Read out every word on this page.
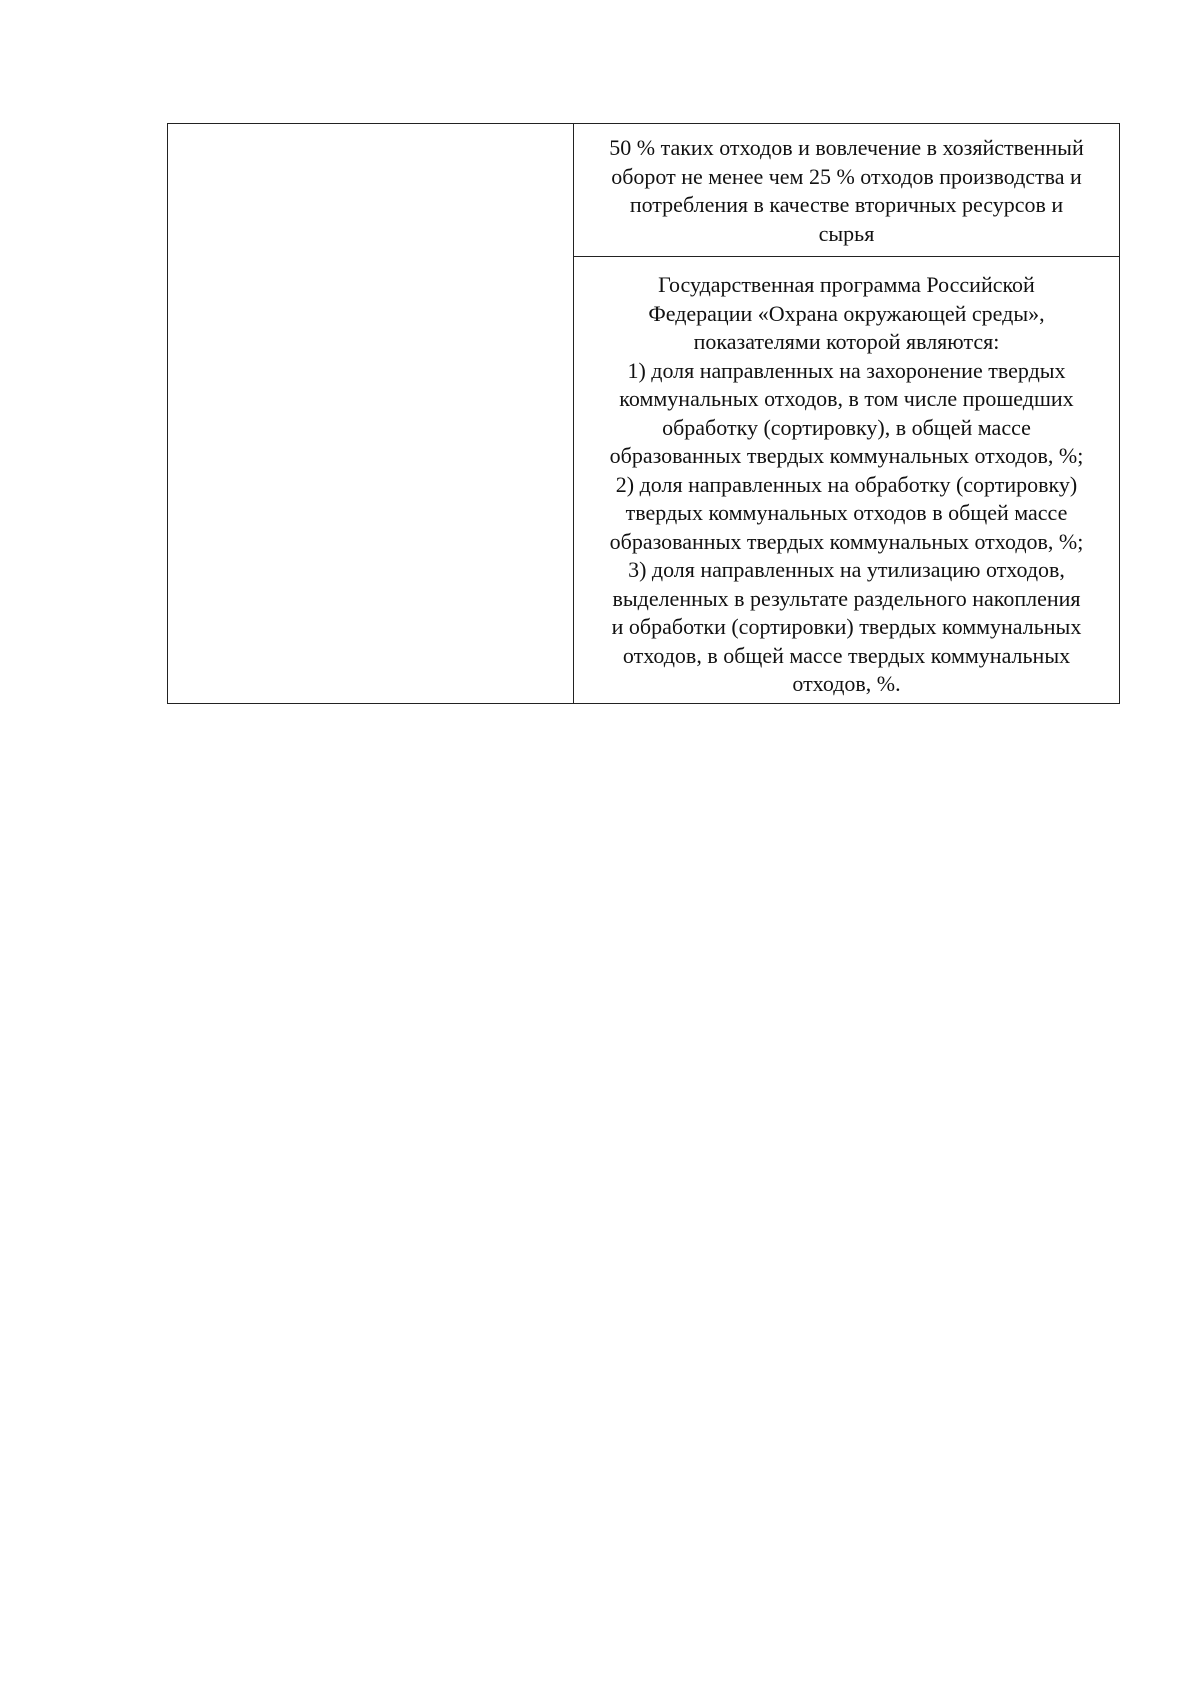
50 % таких отходов и вовлечение в хозяйственный
оборот не менее чем 25 % отходов производства и
потребления в качестве вторичных ресурсов и
сырья

Государственная программа Российской
Федерации «Охрана окружающей среды»,
показателями которой являются:
1) доля направленных на захоронение твердых
коммунальных отходов, в том числе прошедших
обработку (сортировку), в общей массе
образованных твердых коммунальных отходов, %;
2) доля направленных на обработку (сортировку)
твердых коммунальных отходов в общей массе
образованных твердых коммунальных отходов, %;
3) доля направленных на утилизацию отходов,
выделенных в результате раздельного накопления
и обработки (сортировки) твердых коммунальных
отходов, в общей массе твердых коммунальных
отходов, %.
